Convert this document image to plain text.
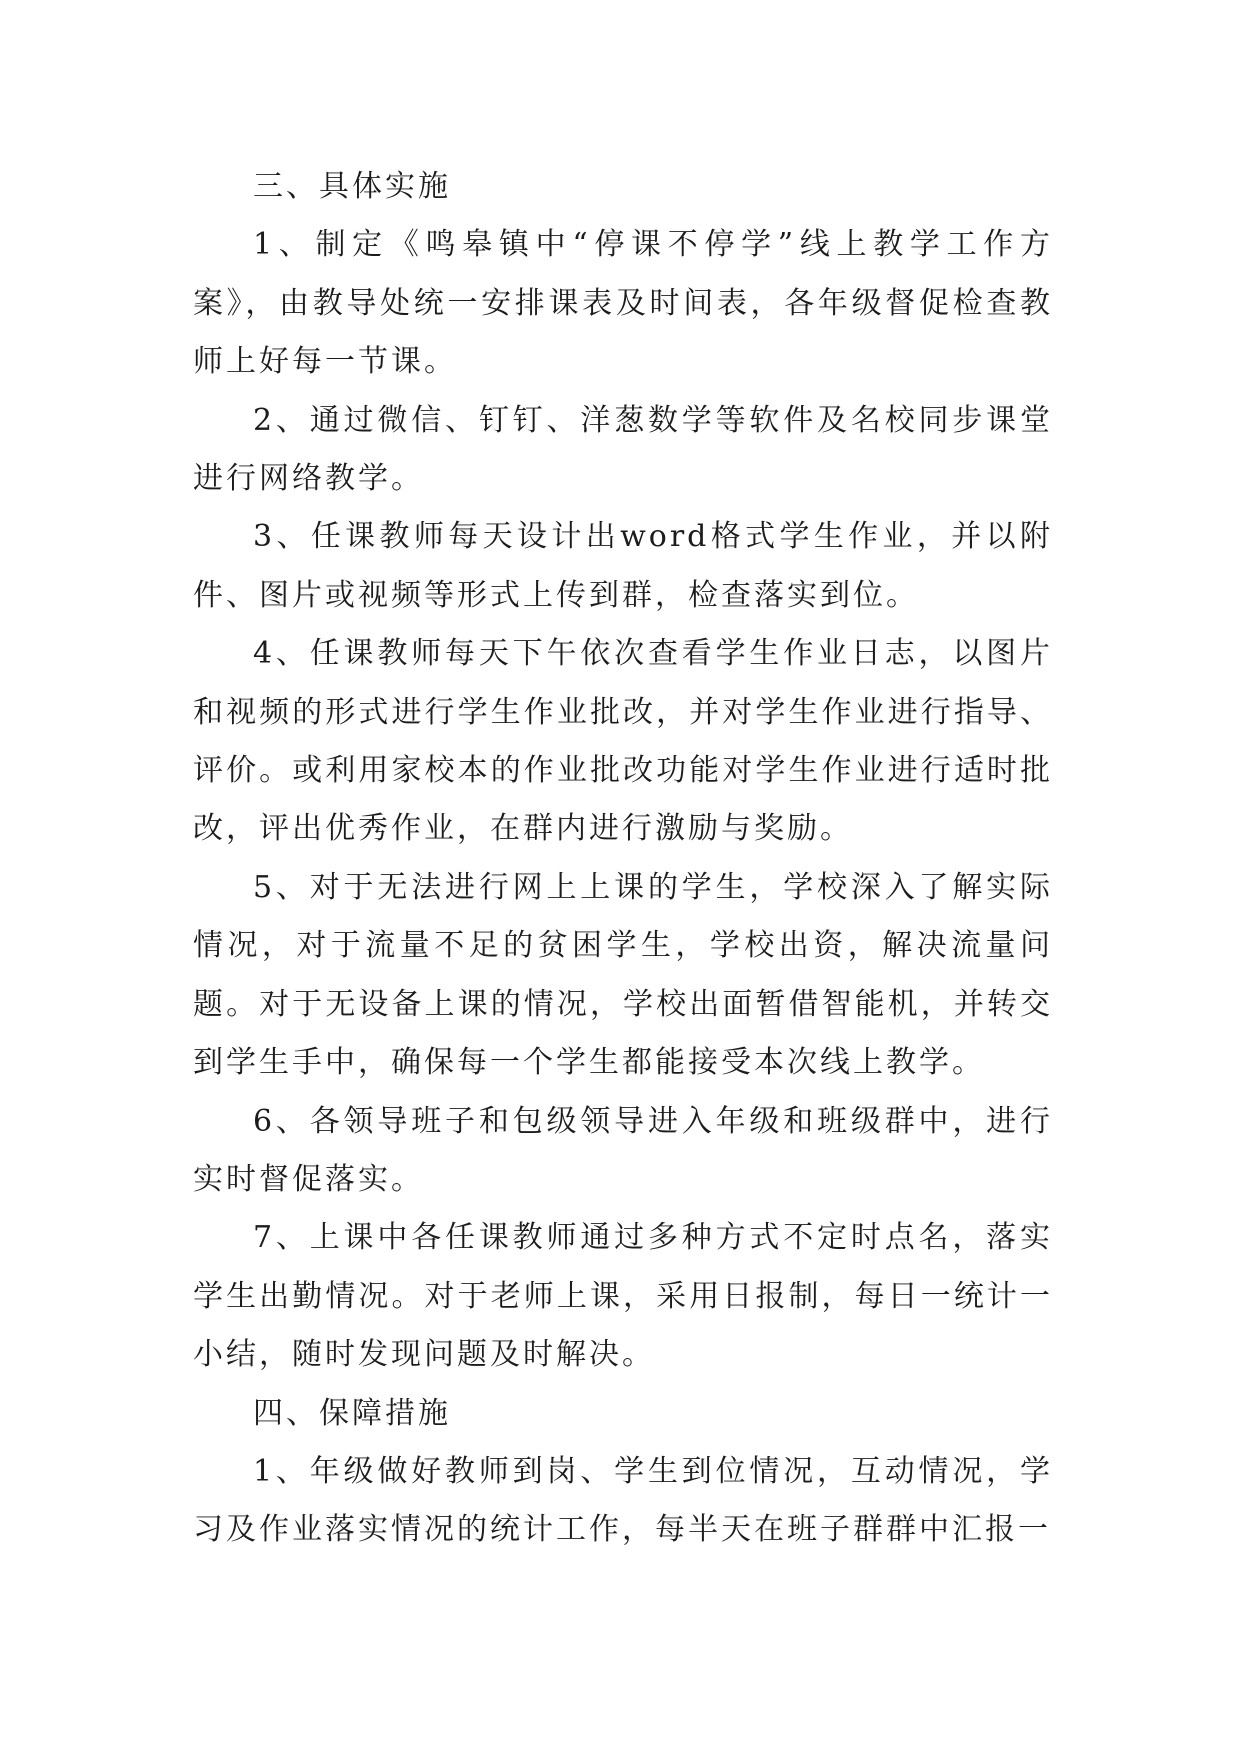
三、具体实施

1、制定《鸣皋镇中“停课不停学”线上教学工作方案》，由教导处统一安排课表及时间表，各年级督促检查教师上好每一节课。

2、通过微信、钉钉、洋葱数学等软件及名校同步课堂进行网络教学。

3、任课教师每天设计出word格式学生作业，并以附件、图片或视频等形式上传到群，检查落实到位。

4、任课教师每天下午依次查看学生作业日志，以图片和视频的形式进行学生作业批改，并对学生作业进行指导、评价。或利用家校本的作业批改功能对学生作业进行适时批改，评出优秀作业，在群内进行激励与奖励。

5、对于无法进行网上上课的学生，学校深入了解实际情况，对于流量不足的贫困学生，学校出资，解决流量问题。对于无设备上课的情况，学校出面暂借智能机，并转交到学生手中，确保每一个学生都能接受本次线上教学。

6、各领导班子和包级领导进入年级和班级群中，进行实时督促落实。

7、上课中各任课教师通过多种方式不定时点名，落实学生出勤情况。对于老师上课，采用日报制，每日一统计一小结，随时发现问题及时解决。

四、保障措施

1、年级做好教师到岗、学生到位情况，互动情况，学习及作业落实情况的统计工作，每半天在班子群群中汇报一
